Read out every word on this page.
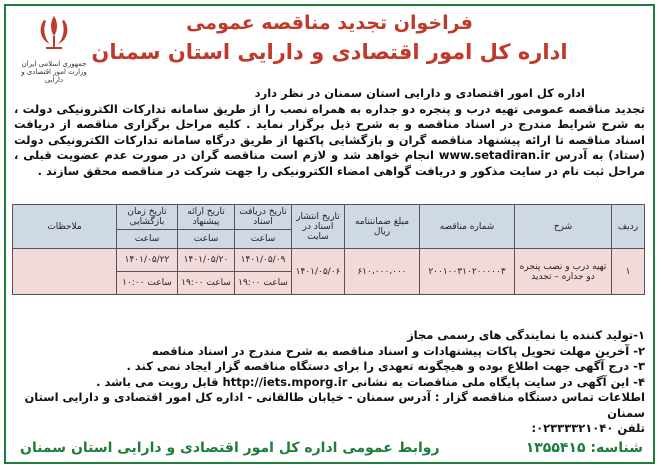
جمهوری اسلامی ایران
وزارت امور اقتصادی و دارایی
فراخوان تجدید مناقصه عمومی
اداره کل امور اقتصادی و دارایی استان سمنان
اداره کل امور اقتصادی و دارایی استان سمنان در نظر دارد
تجدید مناقصه عمومی تهیه درب و پنجره دو جداره به همراه نصب را از طریق سامانه تدارکات الکترونیکی دولت ، به شرح شرایط مندرج در اسناد مناقصه و به شرح ذیل برگزار نماید . کلیه مراحل برگزاری مناقصه از دریافت اسناد مناقصه تا ارائه پیشنهاد مناقصه گران و بازگشایی پاکتها از طریق درگاه سامانه تدارکات الکترونیکی دولت (ستاد) به آدرس www.setadiran.ir انجام خواهد شد و لازم است مناقصه گران در صورت عدم عضویت قبلی ، مراحل ثبت نام در سایت مذکور و دریافت گواهی امضاء الکترونیکی را جهت شرکت در مناقصه محقق سازند .
ردیف	شرح	شماره مناقصه	مبلغ ضمانتنامه ریال	تاریخ انتشار اسناد در سایت	تاریخ دریافت اسناد	تاریخ ارائه پیشنهاد	تاریخ زمان بازگشایی	ملاحظات
					ساعت	ساعت	ساعت	
۱	تهیه درب و نصب پنجره دو جداره – تجدید	۲۰۰۱۰۰۳۱۰۲۰۰۰۰۰۳	۶۱۰،۰۰۰،۰۰۰	۱۴۰۱/۰۵/۰۶	۱۴۰۱/۰۵/۰۹	۱۴۰۱/۰۵/۲۰	۱۴۰۱/۰۵/۲۲	
					ساعت ۱۹:۰۰	ساعت ۱۹:۰۰	ساعت ۱۰:۰۰	
۱-تولید کننده یا نمایندگی های رسمی مجاز
۲- آخرین مهلت تحویل پاکات پیشنهادات و اسناد مناقصه به شرح مندرج در اسناد مناقصه
۳- درج آگهی جهت اطلاع بوده و هیچگونه تعهدی را برای دستگاه مناقصه گزار ایجاد نمی کند .
۴- این آگهی در سایت پایگاه ملی مناقصات به نشانی http://iets.mporg.ir قابل رویت می باشد .
اطلاعات تماس دستگاه مناقصه گزار : آدرس سمنان - خیابان طالقانی - اداره کل امور اقتصادی و دارایی استان سمنان
تلفن ۰۲۳۳۳۳۲۱۰۴۰:
شناسه: ۱۳۵۵۴۱۵
روابط عمومی اداره کل امور اقتصادی و دارایی استان سمنان
